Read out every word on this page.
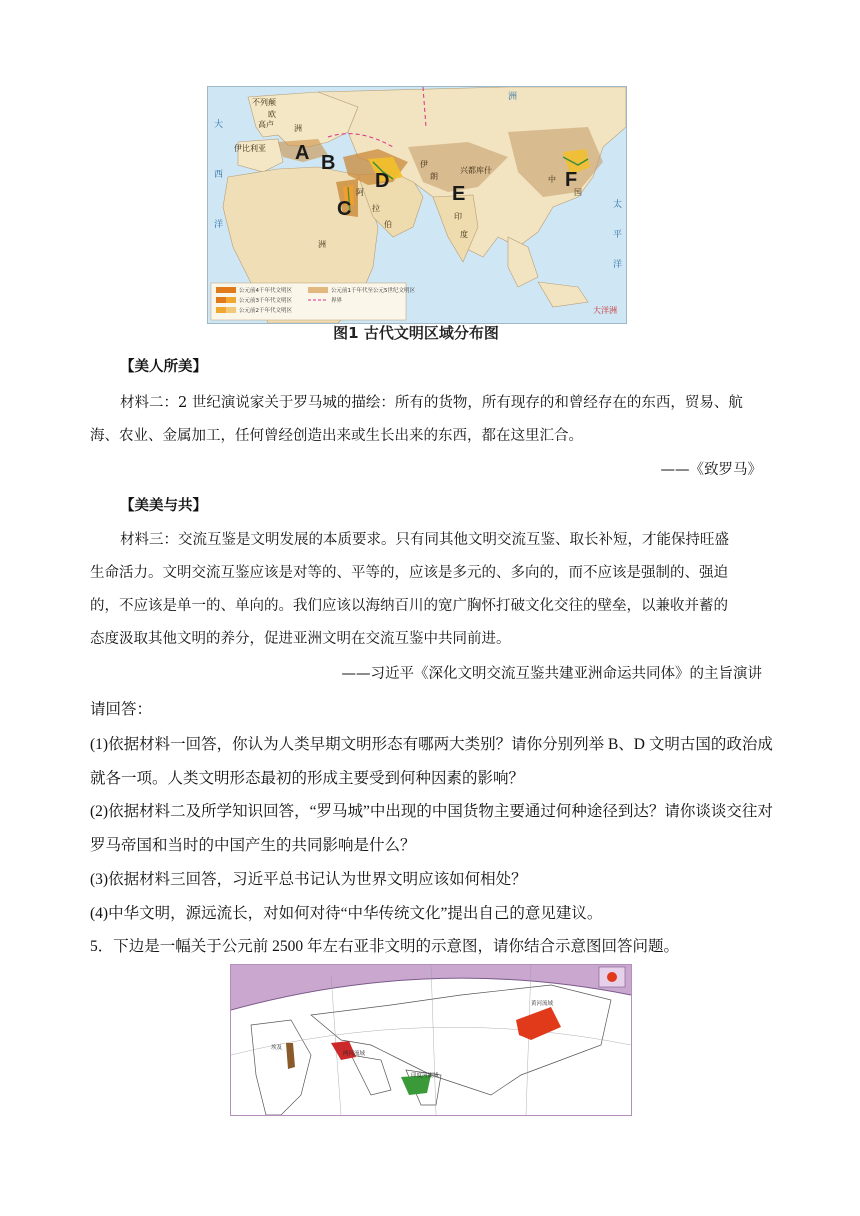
A B
C
D
E
F
不列颠
欧
高卢
伊比利亚
洲
伊
朗
兴都库什
中
国
阿
拉
伯
印
度
洲
大
西
洋
太
平
洋
洲
大洋洲
公元前4千年代文明区
公元前3千年代文明区
公元前2千年代文明区
公元前1千年代至公元5世纪文明区
界界
图1 古代文明区域分布图
【美人所美】
材料二：2 世纪演说家关于罗马城的描绘：所有的货物，所有现存的和曾经存在的东西，贸易、航
海、农业、金属加工，任何曾经创造出来或生长出来的东西，都在这里汇合。
——《致罗马》
【美美与共】
材料三：交流互鉴是文明发展的本质要求。只有同其他文明交流互鉴、取长补短，才能保持旺盛
生命活力。文明交流互鉴应该是对等的、平等的，应该是多元的、多向的，而不应该是强制的、强迫
的，不应该是单一的、单向的。我们应该以海纳百川的宽广胸怀打破文化交往的壁垒，以兼收并蓄的
态度汲取其他文明的养分，促进亚洲文明在交流互鉴中共同前进。
——习近平《深化文明交流互鉴共建亚洲命运共同体》的主旨演讲
请回答：
(1)依据材料一回答，你认为人类早期文明形态有哪两大类别？请你分别列举 B、D 文明古国的政治成
就各一项。人类文明形态最初的形成主要受到何种因素的影响？
(2)依据材料二及所学知识回答，“罗马城”中出现的中国货物主要通过何种途径到达？请你谈谈交往对
罗马帝国和当时的中国产生的共同影响是什么？
(3)依据材料三回答，习近平总书记认为世界文明应该如何相处？
(4)中华文明，源远流长，对如何对待“中华传统文化”提出自己的意见建议。
5．下边是一幅关于公元前 2500 年左右亚非文明的示意图，请你结合示意图回答问题。
埃及
两河流域
印度河流域
黄河流域
